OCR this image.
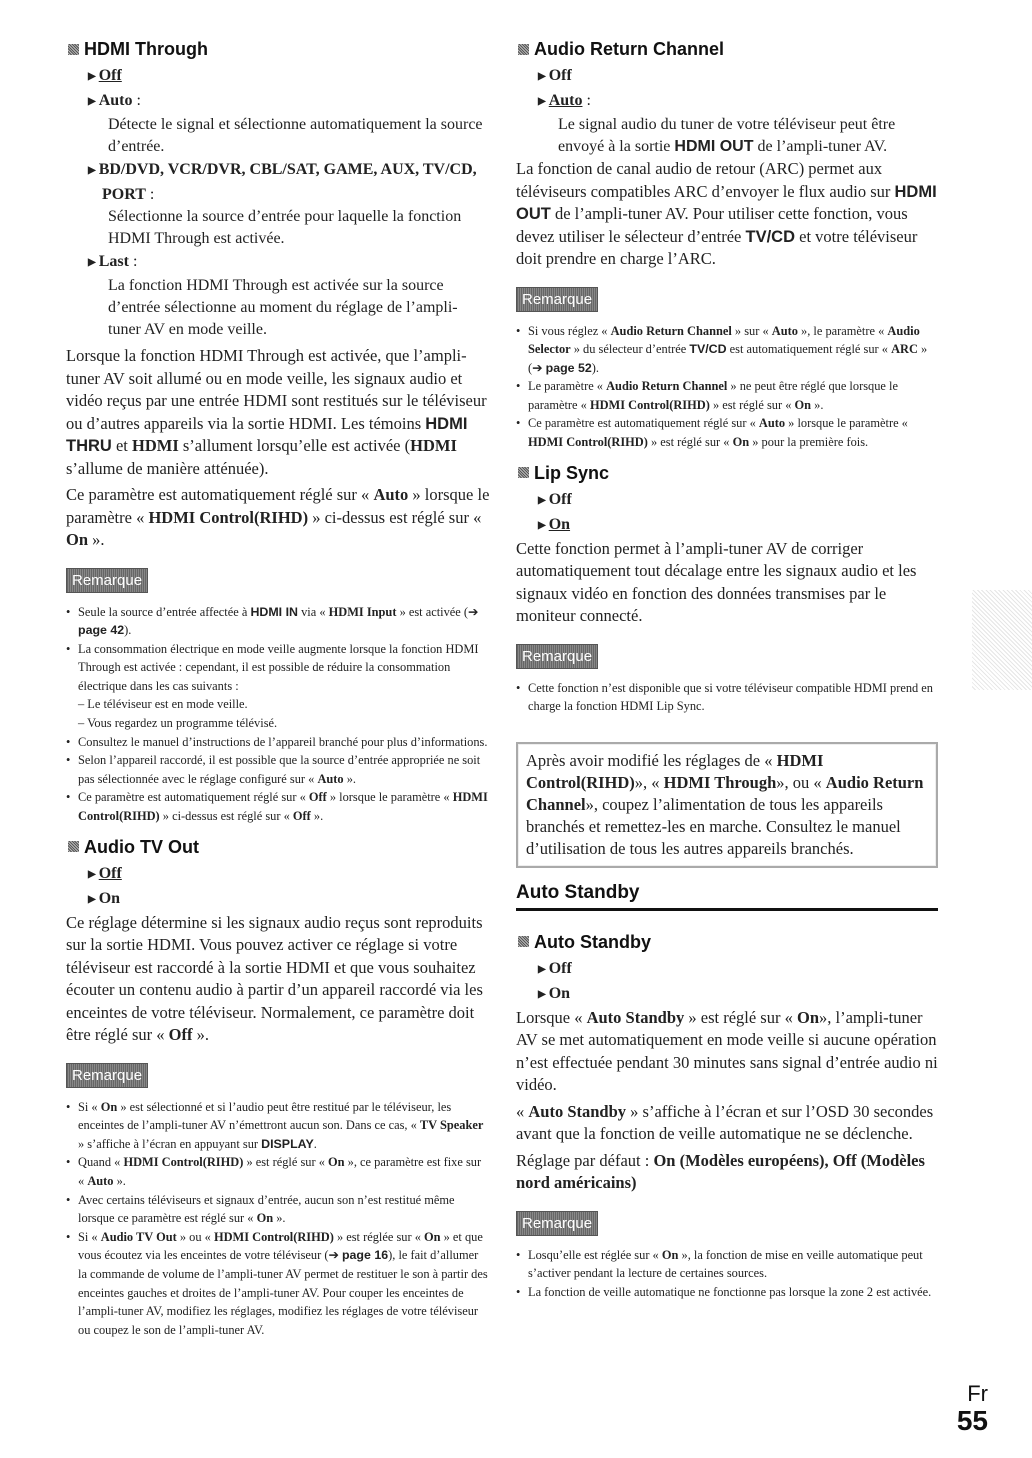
HDMI Through
▶ Off
▶ Auto :
Détecte le signal et sélectionne automatiquement la source d’entrée.
▶ BD/DVD, VCR/DVR, CBL/SAT, GAME, AUX, TV/CD, PORT :
Sélectionne la source d’entrée pour laquelle la fonction HDMI Through est activée.
▶ Last :
La fonction HDMI Through est activée sur la source d’entrée sélectionne au moment du réglage de l’ampli-tuner AV en mode veille.
Lorsque la fonction HDMI Through est activée, que l’ampli-tuner AV soit allumé ou en mode veille, les signaux audio et vidéo reçus par une entrée HDMI sont restitués sur le téléviseur ou d’autres appareils via la sortie HDMI. Les témoins HDMI THRU et HDMI s’allument lorsqu’elle est activée (HDMI s’allume de manière atténuée).
Ce paramètre est automatiquement réglé sur « Auto » lorsque le paramètre « HDMI Control(RIHD) » ci-dessus est réglé sur « On ».
Remarque
• Seule la source d’entrée affectée à HDMI IN via « HDMI Input » est activée (➔ page 42).
• La consommation électrique en mode veille augmente lorsque la fonction HDMI Through est activée : cependant, il est possible de réduire la consommation électrique dans les cas suivants :
– Le téléviseur est en mode veille.
– Vous regardez un programme télévisé.
• Consultez le manuel d’instructions de l’appareil branché pour plus d’informations.
• Selon l’appareil raccordé, il est possible que la source d’entrée appropriée ne soit pas sélectionnée avec le réglage configuré sur « Auto ».
• Ce paramètre est automatiquement réglé sur « Off » lorsque le paramètre « HDMI Control(RIHD) » ci-dessus est réglé sur « Off ».
Audio TV Out
▶ Off
▶ On
Ce réglage détermine si les signaux audio reçus sont reproduits sur la sortie HDMI. Vous pouvez activer ce réglage si votre téléviseur est raccordé à la sortie HDMI et que vous souhaitez écouter un contenu audio à partir d’un appareil raccordé via les enceintes de votre téléviseur. Normalement, ce paramètre doit être réglé sur « Off ».
Remarque
• Si « On » est sélectionné et si l’audio peut être restitué par le téléviseur, les enceintes de l’ampli-tuner AV n’émettront aucun son. Dans ce cas, « TV Speaker » s’affiche à l’écran en appuyant sur DISPLAY.
• Quand « HDMI Control(RIHD) » est réglé sur « On », ce paramètre est fixe sur « Auto ».
• Avec certains téléviseurs et signaux d’entrée, aucun son n’est restitué même lorsque ce paramètre est réglé sur « On ».
• Si « Audio TV Out » ou « HDMI Control(RIHD) » est réglée sur « On » et que vous écoutez via les enceintes de votre téléviseur (➔ page 16), le fait d’allumer la commande de volume de l’ampli-tuner AV permet de restituer le son à partir des enceintes gauches et droites de l’ampli-tuner AV. Pour couper les enceintes de l’ampli-tuner AV, modifiez les réglages, modifiez les réglages de votre téléviseur ou coupez le son de l’ampli-tuner AV.
Audio Return Channel
▶ Off
▶ Auto :
Le signal audio du tuner de votre téléviseur peut être envoyé à la sortie HDMI OUT de l’ampli-tuner AV.
La fonction de canal audio de retour (ARC) permet aux téléviseurs compatibles ARC d’envoyer le flux audio sur HDMI OUT de l’ampli-tuner AV. Pour utiliser cette fonction, vous devez utiliser le sélecteur d’entrée TV/CD et votre téléviseur doit prendre en charge l’ARC.
Remarque
• Si vous réglez « Audio Return Channel » sur « Auto », le paramètre « Audio Selector » du sélecteur d’entrée TV/CD est automatiquement réglé sur « ARC » (➔ page 52).
• Le paramètre « Audio Return Channel » ne peut être réglé que lorsque le paramètre « HDMI Control(RIHD) » est réglé sur « On ».
• Ce paramètre est automatiquement réglé sur « Auto » lorsque le paramètre « HDMI Control(RIHD) » est réglé sur « On » pour la première fois.
Lip Sync
▶ Off
▶ On
Cette fonction permet à l’ampli-tuner AV de corriger automatiquement tout décalage entre les signaux audio et les signaux vidéo en fonction des données transmises par le moniteur connecté.
Remarque
• Cette fonction n’est disponible que si votre téléviseur compatible HDMI prend en charge la fonction HDMI Lip Sync.
Après avoir modifié les réglages de « HDMI Control(RIHD)», « HDMI Through», ou « Audio Return Channel», coupez l’alimentation de tous les appareils branchés et remettez-les en marche. Consultez le manuel d’utilisation de tous les autres appareils branchés.
Auto Standby
Auto Standby
▶ Off
▶ On
Lorsque « Auto Standby » est réglé sur « On», l’ampli-tuner AV se met automatiquement en mode veille si aucune opération n’est effectuée pendant 30 minutes sans signal d’entrée audio ni vidéo.
« Auto Standby » s’affiche à l’écran et sur l’OSD 30 secondes avant que la fonction de veille automatique ne se déclenche.
Réglage par défaut : On (Modèles européens), Off (Modèles nord américains)
Remarque
• Losqu’elle est réglée sur « On », la fonction de mise en veille automatique peut s’activer pendant la lecture de certaines sources.
• La fonction de veille automatique ne fonctionne pas lorsque la zone 2 est activée.
Fr
55
